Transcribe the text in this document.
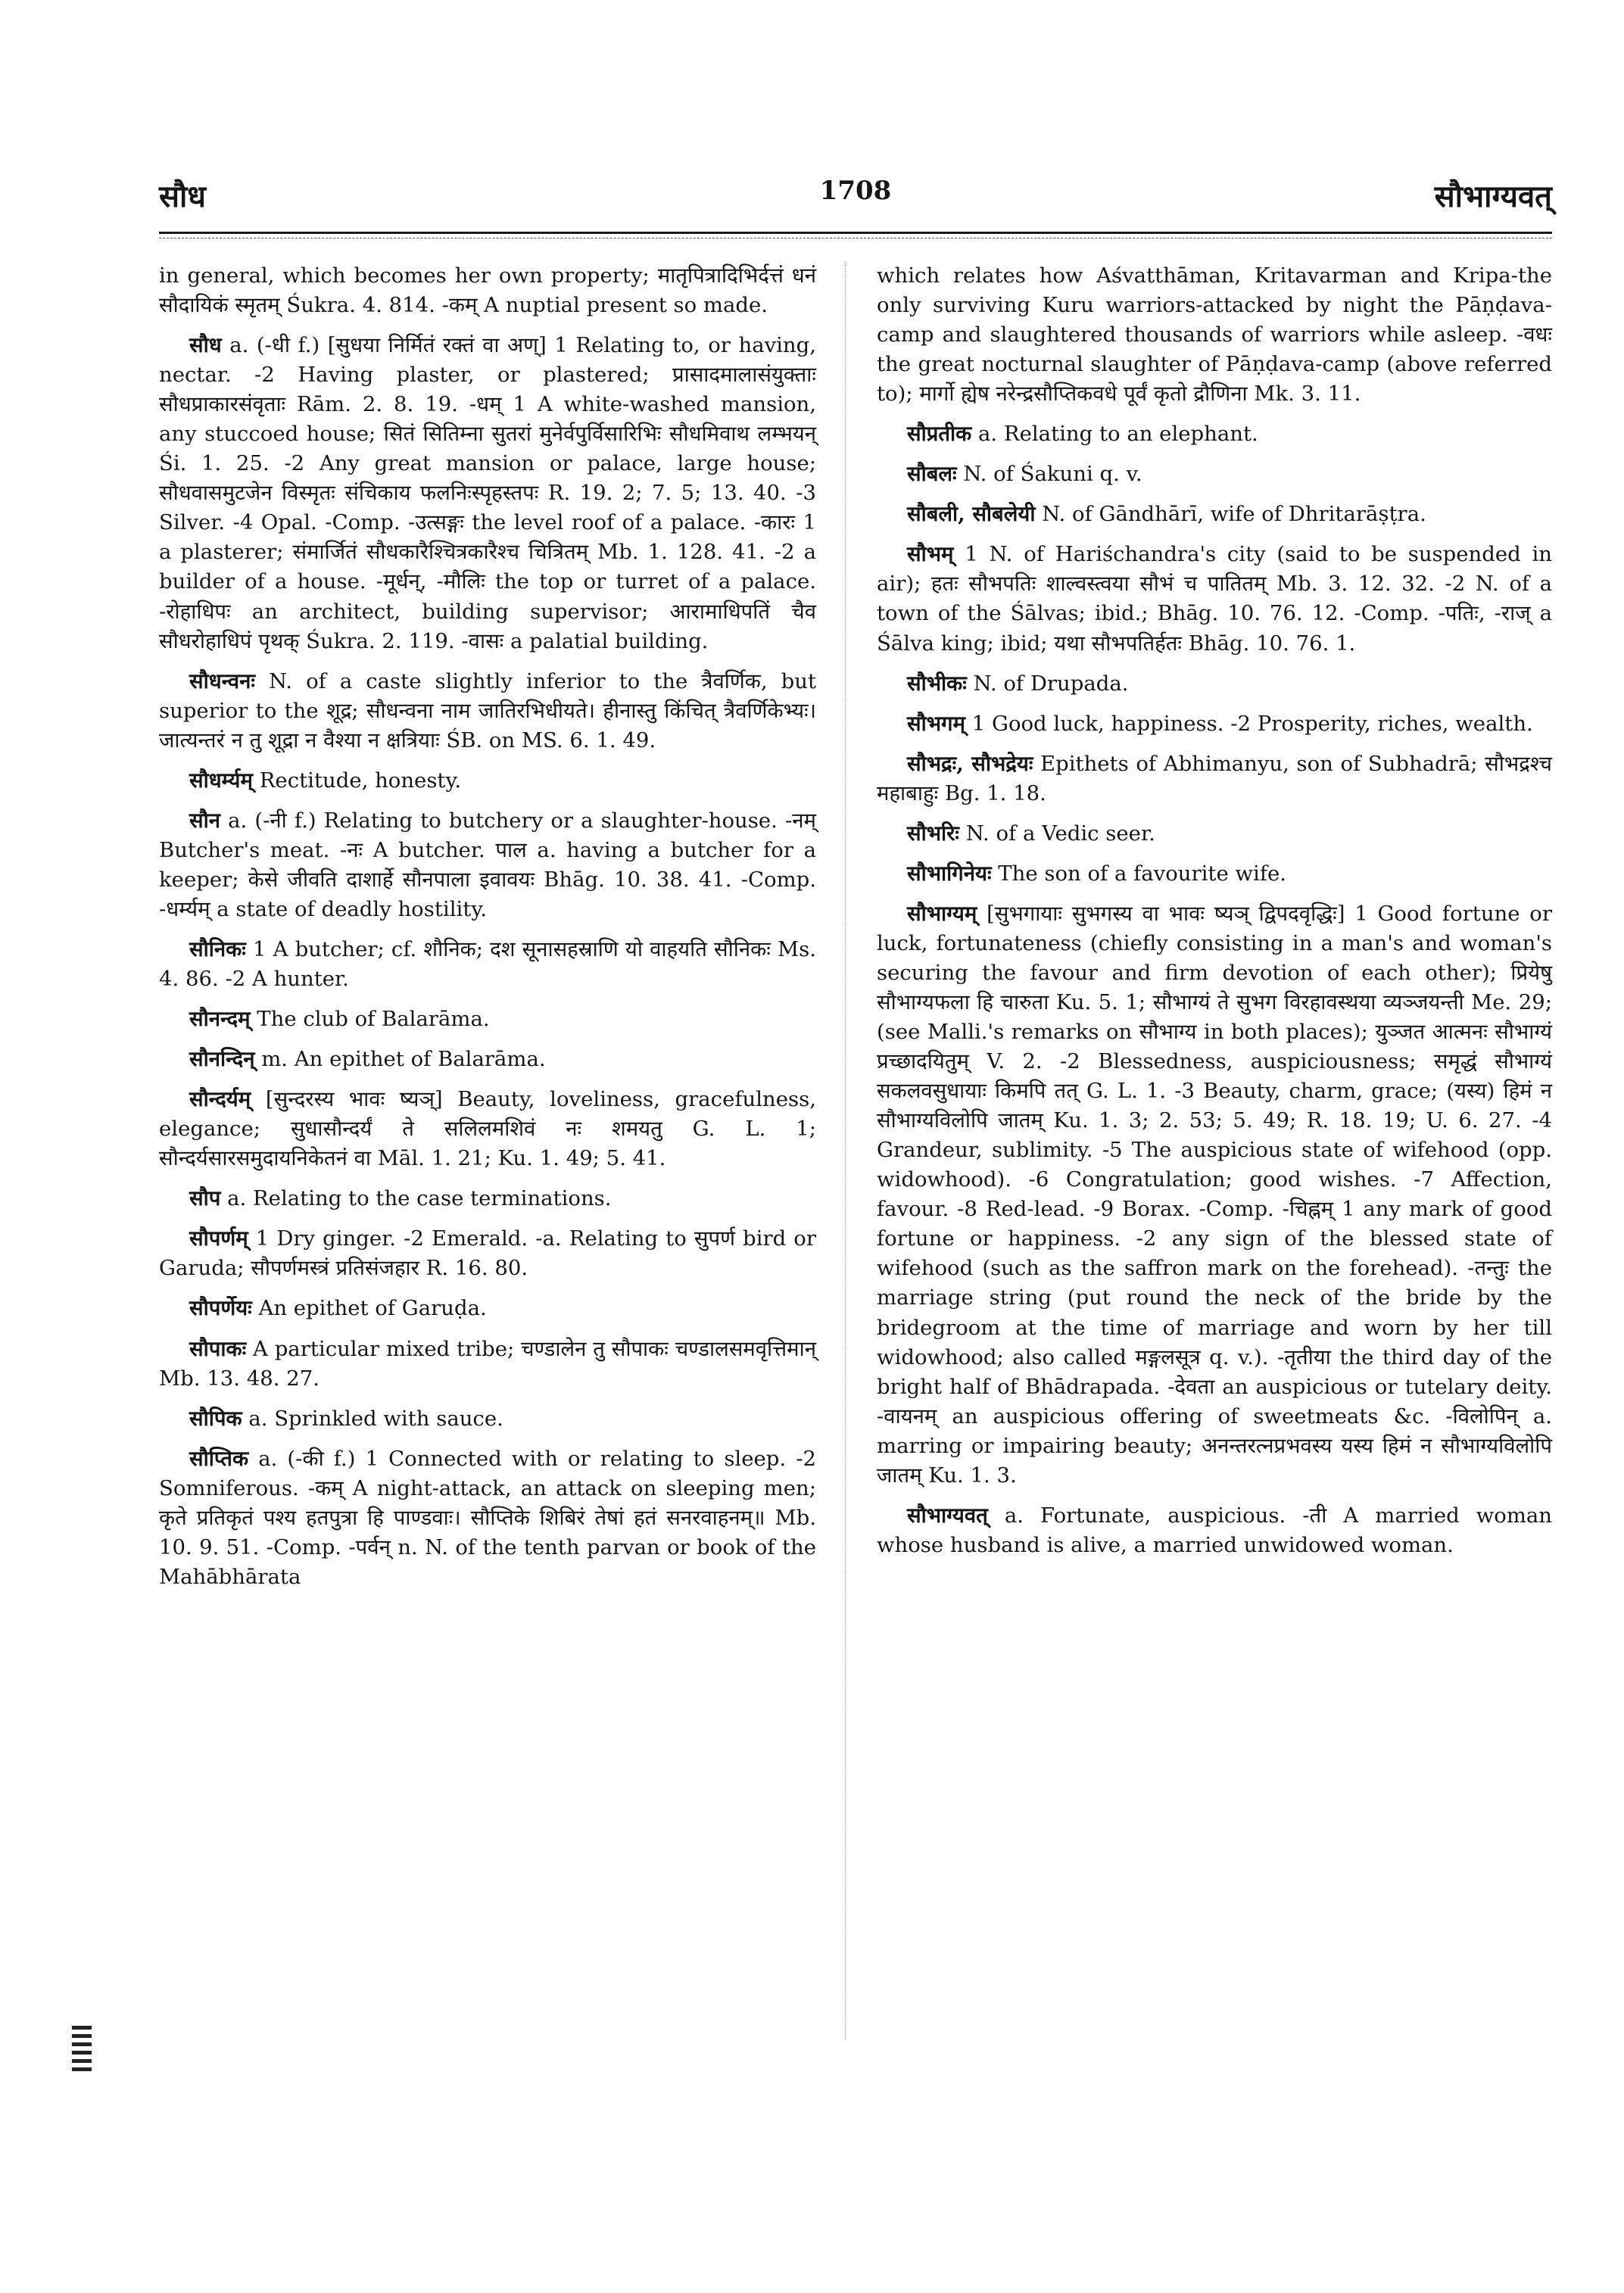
सौध	1708	सौभाग्यवत्

in general, which becomes her own property; मातृपित्रादिभिर्दत्तं धनं सौदायिकं स्मृतम् Śukra. 4. 814. -कम् A nuptial present so made.

सौध a. (-धी f.) [सुधया निर्मितं रक्तं वा अण्] 1 Relating to, or having, nectar. -2 Having plaster, or plastered; प्रासादमालासंयुक्ताः सौधप्राकारसंवृताः Rām. 2. 8. 19. -धम् 1 A white-washed mansion, any stuccoed house; सितं सितिम्ना सुतरां मुनेर्वपुर्विसारिभिः सौधमिवाथ लम्भयन् Śi. 1. 25. -2 Any great mansion or palace, large house; सौधवासमुटजेन विस्मृतः संचिकाय फलनिःस्पृहस्तपः R. 19. 2; 7. 5; 13. 40. -3 Silver. -4 Opal. -Comp. -उत्सङ्गः the level roof of a palace. -कारः 1 a plasterer; संमार्जितं सौधकारैश्चित्रकारैश्च चित्रितम् Mb. 1. 128. 41. -2 a builder of a house. -मूर्धन्, -मौलिः the top or turret of a palace. -रोहाधिपः an architect, building supervisor; आरामाधिपतिं चैव सौधरोहाधिपं पृथक् Śukra. 2. 119. -वासः a palatial building.

सौधन्वनः N. of a caste slightly inferior to the त्रैवर्णिक, but superior to the शूद्र; सौधन्वना नाम जातिरभिधीयते। हीनास्तु किंचित् त्रैवर्णिकेभ्यः। जात्यन्तरं न तु शूद्रा न वैश्या न क्षत्रियाः ŚB. on MS. 6. 1. 49.

सौधर्म्यम् Rectitude, honesty.

सौन a. (-नी f.) Relating to butchery or a slaughter-house. -नम् Butcher's meat. -नः A butcher. पाल a. having a butcher for a keeper; केसे जीवति दाशार्हे सौनपाला इवावयः Bhāg. 10. 38. 41. -Comp. -धर्म्यम् a state of deadly hostility.

सौनिकः 1 A butcher; cf. शौनिक; दश सूनासहस्राणि यो वाहयति सौनिकः Ms. 4. 86. -2 A hunter.

सौनन्दम् The club of Balarāma.

सौनन्दिन् m. An epithet of Balarāma.

सौन्दर्यम् [सुन्दरस्य भावः ष्यञ्] Beauty, loveliness, gracefulness, elegance; सुधासौन्दर्यं ते सलिलमशिवं नः शमयतु G. L. 1; सौन्दर्यसारसमुदायनिकेतनं वा Māl. 1. 21; Ku. 1. 49; 5. 41.

सौप a. Relating to the case terminations.

सौपर्णम् 1 Dry ginger. -2 Emerald. -a. Relating to सुपर्ण bird or Garuda; सौपर्णमस्त्रं प्रतिसंजहार R. 16. 80.

सौपर्णेयः An epithet of Garuḍa.

सौपाकः A particular mixed tribe; चण्डालेन तु सौपाकः चण्डालसमवृत्तिमान् Mb. 13. 48. 27.

सौपिक a. Sprinkled with sauce.

सौप्तिक a. (-की f.) 1 Connected with or relating to sleep. -2 Somniferous. -कम् A night-attack, an attack on sleeping men; कृते प्रतिकृतं पश्य हतपुत्रा हि पाण्डवाः। सौप्तिके शिबिरं तेषां हतं सनरवाहनम्॥ Mb. 10. 9. 51. -Comp. -पर्वन् n. N. of the tenth parvan or book of the Mahābhārata

which relates how Aśvatthāman, Kritavarman and Kripa-the only surviving Kuru warriors-attacked by night the Pāṇḍava-camp and slaughtered thousands of warriors while asleep. -वधः the great nocturnal slaughter of Pāṇḍava-camp (above referred to); मार्गो ह्येष नरेन्द्रसौप्तिकवधे पूर्वं कृतो द्रौणिना Mk. 3. 11.

सौप्रतीक a. Relating to an elephant.

सौबलः N. of Śakuni q. v.

सौबली, सौबलेयी N. of Gāndhārī, wife of Dhritarāṣṭra.

सौभम् 1 N. of Hariśchandra's city (said to be suspended in air); हतः सौभपतिः शाल्वस्त्वया सौभं च पातितम् Mb. 3. 12. 32. -2 N. of a town of the Śālvas; ibid.; Bhāg. 10. 76. 12. -Comp. -पतिः, -राज् a Śālva king; ibid; यथा सौभपतिर्हतः Bhāg. 10. 76. 1.

सौभीकः N. of Drupada.

सौभगम् 1 Good luck, happiness. -2 Prosperity, riches, wealth.

सौभद्रः, सौभद्रेयः Epithets of Abhimanyu, son of Subhadrā; सौभद्रश्च महाबाहुः Bg. 1. 18.

सौभरिः N. of a Vedic seer.

सौभागिनेयः The son of a favourite wife.

सौभाग्यम् [सुभगायाः सुभगस्य वा भावः ष्यञ् द्विपदवृद्धिः] 1 Good fortune or luck, fortunateness (chiefly consisting in a man's and woman's securing the favour and firm devotion of each other); प्रियेषु सौभाग्यफला हि चारुता Ku. 5. 1; सौभाग्यं ते सुभग विरहावस्थया व्यञ्जयन्ती Me. 29; (see Malli.'s remarks on सौभाग्य in both places); युञ्जत आत्मनः सौभाग्यं प्रच्छादयितुम् V. 2. -2 Blessedness, auspiciousness; समृद्धं सौभाग्यं सकलवसुधायाः किमपि तत् G. L. 1. -3 Beauty, charm, grace; (यस्य) हिमं न सौभाग्यविलोपि जातम् Ku. 1. 3; 2. 53; 5. 49; R. 18. 19; U. 6. 27. -4 Grandeur, sublimity. -5 The auspicious state of wifehood (opp. widowhood). -6 Congratulation; good wishes. -7 Affection, favour. -8 Red-lead. -9 Borax. -Comp. -चिह्नम् 1 any mark of good fortune or happiness. -2 any sign of the blessed state of wifehood (such as the saffron mark on the forehead). -तन्तुः the marriage string (put round the neck of the bride by the bridegroom at the time of marriage and worn by her till widowhood; also called मङ्गलसूत्र q. v.). -तृतीया the third day of the bright half of Bhādrapada. -देवता an auspicious or tutelary deity. -वायनम् an auspicious offering of sweetmeats &c. -विलोपिन् a. marring or impairing beauty; अनन्तरत्नप्रभवस्य यस्य हिमं न सौभाग्यविलोपि जातम् Ku. 1. 3.

सौभाग्यवत् a. Fortunate, auspicious. -ती A married woman whose husband is alive, a married unwidowed woman.
